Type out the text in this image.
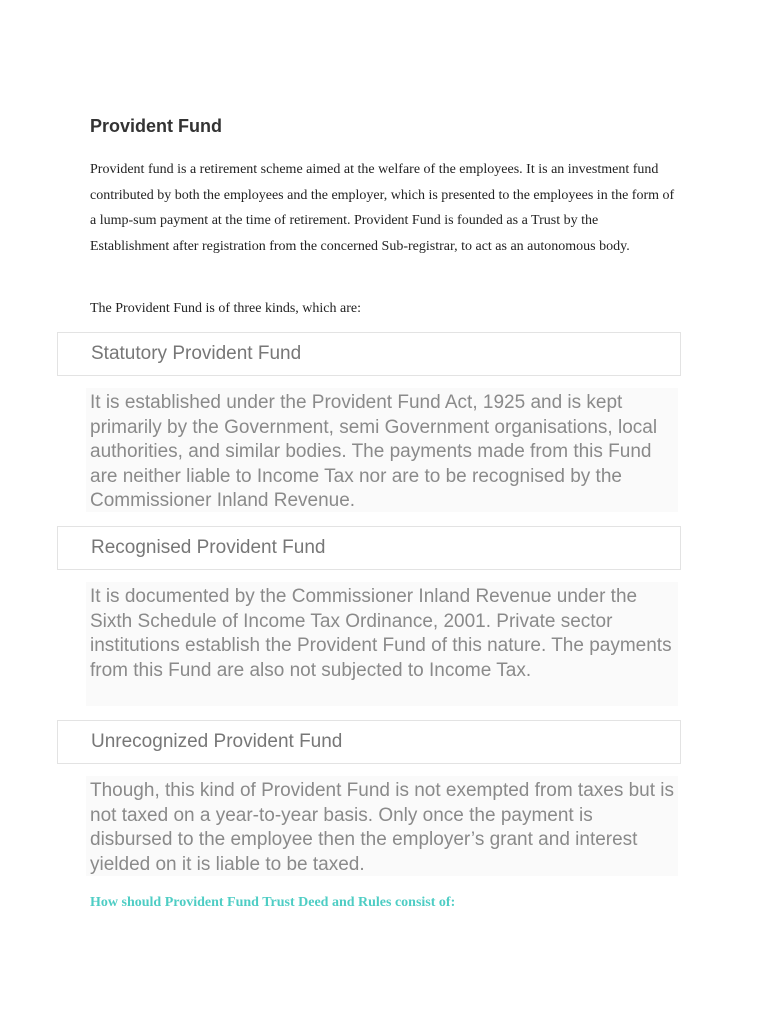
Provident Fund

Provident fund is a retirement scheme aimed at the welfare of the employees. It is an investment fund contributed by both the employees and the employer, which is presented to the employees in the form of a lump-sum payment at the time of retirement. Provident Fund is founded as a Trust by the Establishment after registration from the concerned Sub-registrar, to act as an autonomous body.

The Provident Fund is of three kinds, which are:

Statutory Provident Fund
It is established under the Provident Fund Act, 1925 and is kept primarily by the Government, semi Government organisations, local authorities, and similar bodies. The payments made from this Fund are neither liable to Income Tax nor are to be recognised by the Commissioner Inland Revenue.
Recognised Provident Fund
It is documented by the Commissioner Inland Revenue under the Sixth Schedule of Income Tax Ordinance, 2001. Private sector institutions establish the Provident Fund of this nature. The payments from this Fund are also not subjected to Income Tax.
Unrecognized Provident Fund
Though, this kind of Provident Fund is not exempted from taxes but is not taxed on a year-to-year basis. Only once the payment is disbursed to the employee then the employer’s grant and interest yielded on it is liable to be taxed.
How should Provident Fund Trust Deed and Rules consist of:
